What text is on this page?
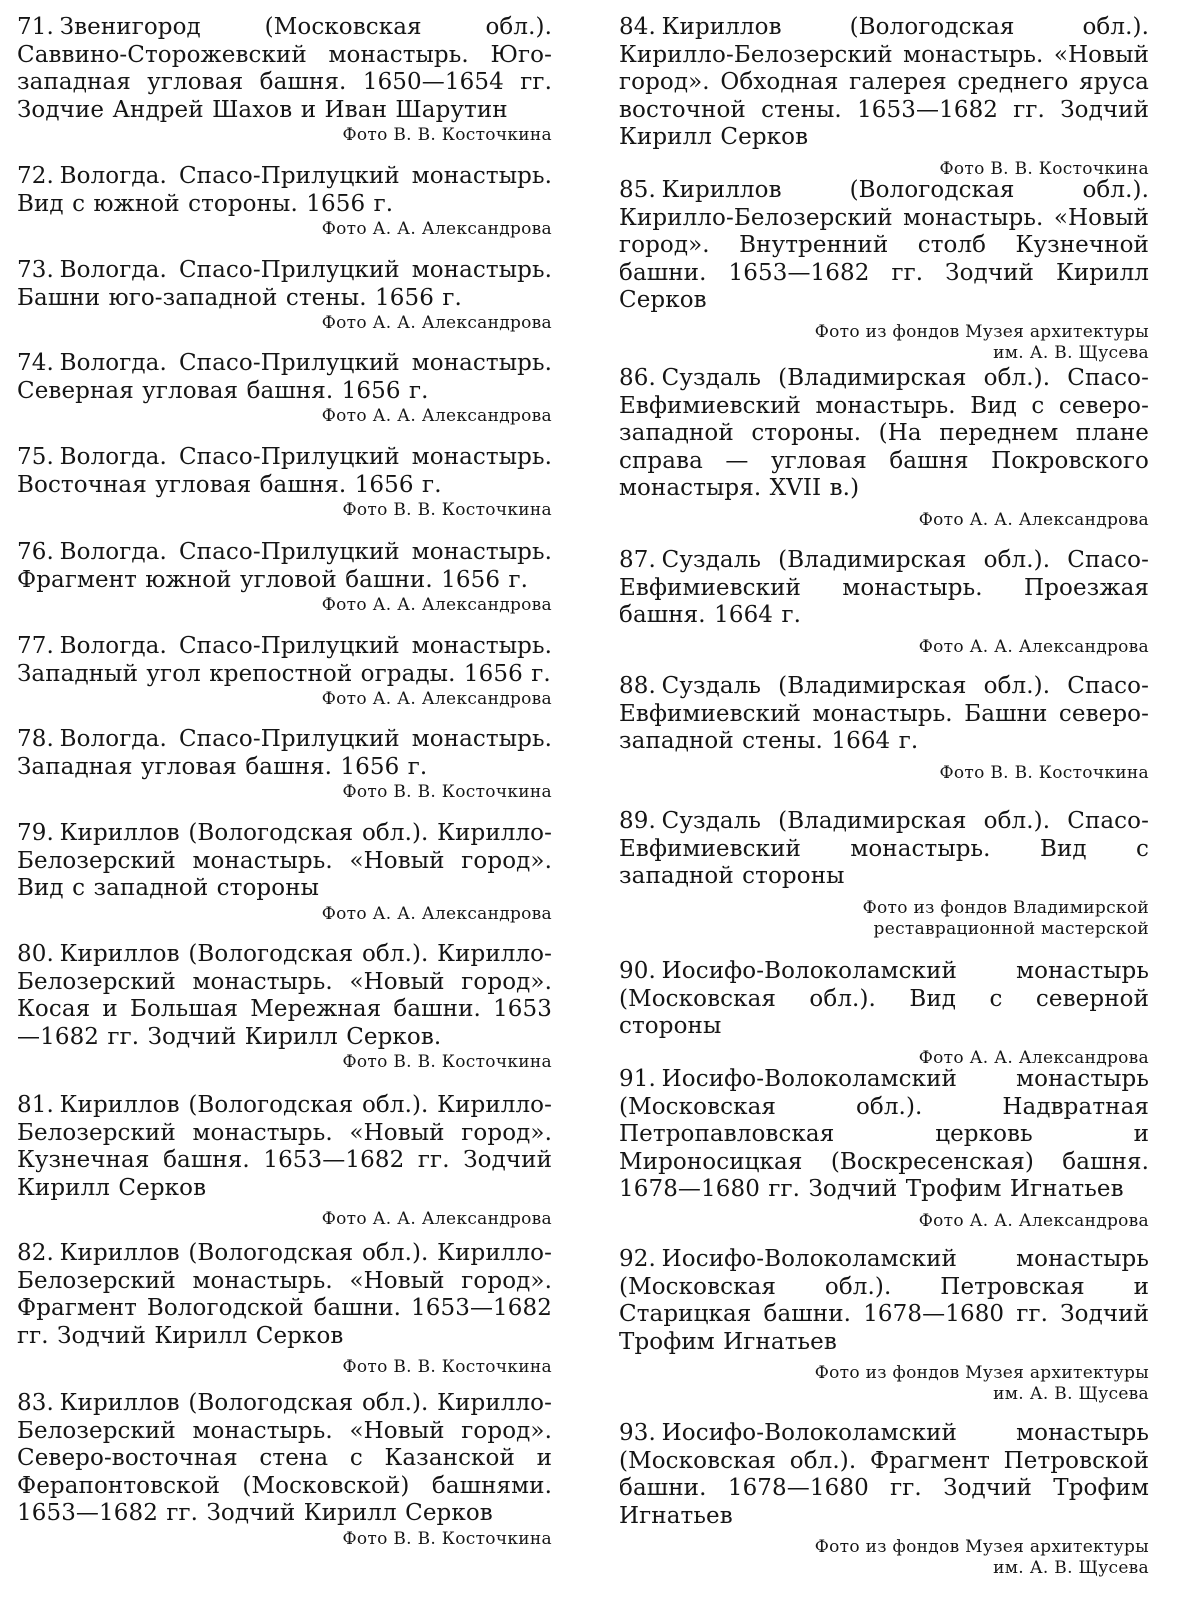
71. Звенигород (Московская обл.). Саввино-Сторожевский монастырь. Юго-западная угловая башня. 1650—1654 гг. Зодчие Андрей Шахов и Иван Шарутин

Фото В. В. Косточкина

72. Вологда. Спасо-Прилуцкий монастырь. Вид с южной стороны. 1656 г.

Фото А. А. Александрова

73. Вологда. Спасо-Прилуцкий монастырь. Башни юго-западной стены. 1656 г.

Фото А. А. Александрова

74. Вологда. Спасо-Прилуцкий монастырь. Северная угловая башня. 1656 г.

Фото А. А. Александрова

75. Вологда. Спасо-Прилуцкий монастырь. Восточная угловая башня. 1656 г.

Фото В. В. Косточкина

76. Вологда. Спасо-Прилуцкий монастырь. Фрагмент южной угловой башни. 1656 г.

Фото А. А. Александрова

77. Вологда. Спасо-Прилуцкий монастырь. Западный угол крепостной ограды. 1656 г.

Фото А. А. Александрова

78. Вологда. Спасо-Прилуцкий монастырь. Западная угловая башня. 1656 г.

Фото В. В. Косточкина

79. Кириллов (Вологодская обл.). Кирилло-Белозерский монастырь. «Новый город». Вид с западной стороны

Фото А. А. Александрова

80. Кириллов (Вологодская обл.). Кирилло-Белозерский монастырь. «Новый город». Косая и Большая Мережная башни. 1653—1682 гг. Зодчий Кирилл Серков.

Фото В. В. Косточкина

81. Кириллов (Вологодская обл.). Кирилло-Белозерский монастырь. «Новый город». Кузнечная башня. 1653—1682 гг. Зодчий Кирилл Серков

Фото А. А. Александрова

82. Кириллов (Вологодская обл.). Кирилло-Белозерский монастырь. «Новый город». Фрагмент Вологодской башни. 1653—1682 гг. Зодчий Кирилл Серков

Фото В. В. Косточкина

83. Кириллов (Вологодская обл.). Кирилло-Белозерский монастырь. «Новый город». Северо-восточная стена с Казанской и Ферапонтовской (Московской) башнями. 1653—1682 гг. Зодчий Кирилл Серков

Фото В. В. Косточкина

84. Кириллов (Вологодская обл.). Кирилло-Белозерский монастырь. «Новый город». Обходная галерея среднего яруса восточной стены. 1653—1682 гг. Зодчий Кирилл Серков

Фото В. В. Косточкина

85. Кириллов (Вологодская обл.). Кирилло-Белозерский монастырь. «Новый город». Внутренний столб Кузнечной башни. 1653—1682 гг. Зодчий Кирилл Серков

Фото из фондов Музея архитектуры
им. А. В. Щусева

86. Суздаль (Владимирская обл.). Спасо-Евфимиевский монастырь. Вид с северо-западной стороны. (На переднем плане справа — угловая башня Покровского монастыря. XVII в.)

Фото А. А. Александрова

87. Суздаль (Владимирская обл.). Спасо-Евфимиевский монастырь. Проезжая башня. 1664 г.

Фото А. А. Александрова

88. Суздаль (Владимирская обл.). Спасо-Евфимиевский монастырь. Башни северо-западной стены. 1664 г.

Фото В. В. Косточкина

89. Суздаль (Владимирская обл.). Спасо-Евфимиевский монастырь. Вид с западной стороны

Фото из фондов Владимирской
реставрационной мастерской

90. Иосифо-Волоколамский монастырь (Московская обл.). Вид с северной стороны

Фото А. А. Александрова

91. Иосифо-Волоколамский монастырь (Московская обл.). Надвратная Петропавловская церковь и Мироносицкая (Воскресенская) башня. 1678—1680 гг. Зодчий Трофим Игнатьев

Фото А. А. Александрова

92. Иосифо-Волоколамский монастырь (Московская обл.). Петровская и Старицкая башни. 1678—1680 гг. Зодчий Трофим Игнатьев

Фото из фондов Музея архитектуры
им. А. В. Щусева

93. Иосифо-Волоколамский монастырь (Московская обл.). Фрагмент Петровской башни. 1678—1680 гг. Зодчий Трофим Игнатьев

Фото из фондов Музея архитектуры
им. А. В. Щусева
